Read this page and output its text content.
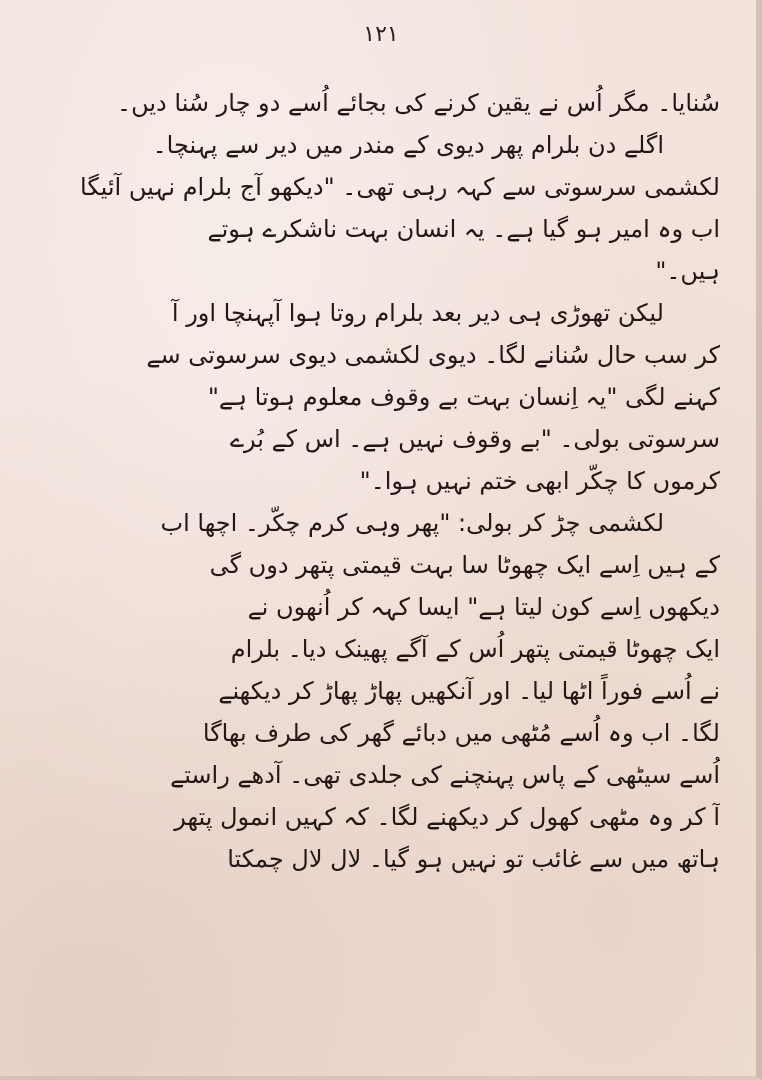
۱۲۱
سُنایا۔ مگر اُس نے یقین کرنے کی بجائے اُسے دو چار سُنا دیں۔
اگلے دن بلرام پھر دیوی کے مندر میں دیر سے پہنچا۔
لکشمی سرسوتی سے کہہ رہی تھی۔ "دیکھو آج بلرام نہیں آئیگا
اب وہ امیر ہو گیا ہے۔ یہ انسان بہت ناشکرے ہوتے
ہیں۔"
لیکن تھوڑی ہی دیر بعد بلرام روتا ہوا آپہنچا اور آ
کر سب حال سُنانے لگا۔ دیوی لکشمی دیوی سرسوتی سے
کہنے لگی "یہ اِنسان بہت بے وقوف معلوم ہوتا ہے"
سرسوتی بولی۔ "بے وقوف نہیں ہے۔ اس کے بُرے
کرموں کا چکّر ابھی ختم نہیں ہوا۔"
لکشمی چڑ کر بولی: "پھر وہی کرم چکّر۔ اچھا اب
کے ہیں اِسے ایک چھوٹا سا بہت قیمتی پتھر دوں گی
دیکھوں اِسے کون لیتا ہے" ایسا کہہ کر اُنھوں نے
ایک چھوٹا قیمتی پتھر اُس کے آگے پھینک دیا۔ بلرام
نے اُسے فوراً اٹھا لیا۔ اور آنکھیں پھاڑ پھاڑ کر دیکھنے
لگا۔ اب وہ اُسے مُٹھی میں دبائے گھر کی طرف بھاگا
اُسے سیٹھی کے پاس پہنچنے کی جلدی تھی۔ آدھے راستے
آ کر وہ مٹھی کھول کر دیکھنے لگا۔ کہ کہیں انمول پتھر
ہاتھ میں سے غائب تو نہیں ہو گیا۔ لال لال چمکتا
